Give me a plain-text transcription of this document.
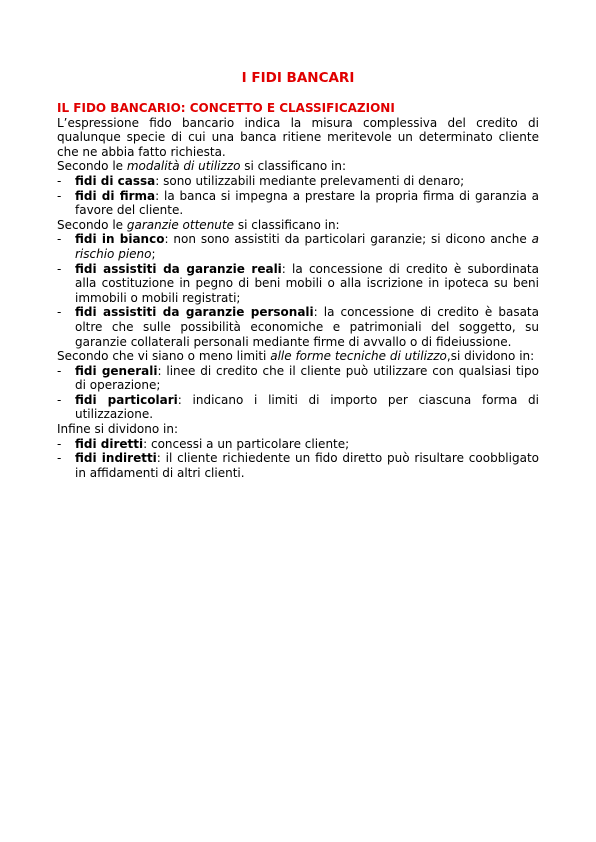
I FIDI BANCARI
IL FIDO BANCARIO: CONCETTO E CLASSIFICAZIONI

L’espressione fido bancario indica la misura complessiva del credito di qualunque specie di cui una banca ritiene meritevole un determinato cliente che ne abbia fatto richiesta.

Secondo le modalità di utilizzo si classificano in:

- fidi di cassa: sono utilizzabili mediante prelevamenti di denaro;
- fidi di firma: la banca si impegna a prestare la propria firma di garanzia a favore del cliente.

Secondo le garanzie ottenute si classificano in:

- fidi in bianco: non sono assistiti da particolari garanzie; si dicono anche a rischio pieno;
- fidi assistiti da garanzie reali: la concessione di credito è subordinata alla costituzione in pegno di beni mobili o alla iscrizione in ipoteca su beni immobili o mobili registrati;
- fidi assistiti da garanzie personali: la concessione di credito è basata oltre che sulle possibilità economiche e patrimoniali del soggetto, su garanzie collaterali personali mediante firme di avvallo o di fideiussione.

Secondo che vi siano o meno limiti alle forme tecniche di utilizzo,si dividono in:

- fidi generali: linee di credito che il cliente può utilizzare con qualsiasi tipo di operazione;
- fidi particolari: indicano i limiti di importo per ciascuna forma di utilizzazione.

Infine si dividono in:

- fidi diretti: concessi a un particolare cliente;
- fidi indiretti: il cliente richiedente un fido diretto può risultare coobbligato in affidamenti di altri clienti.
